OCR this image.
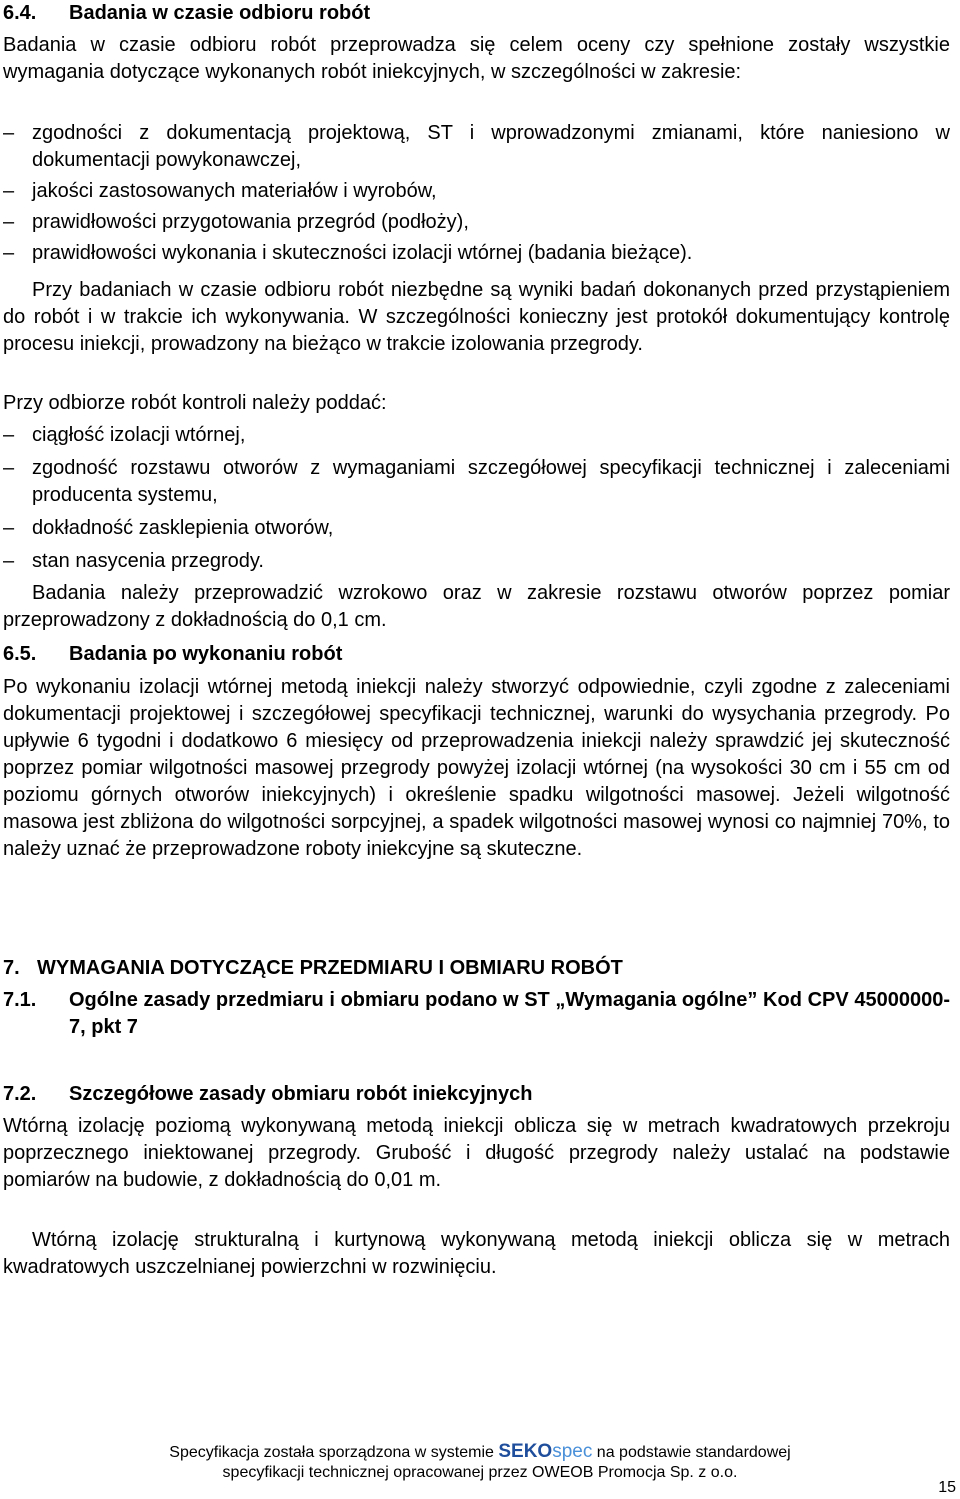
6.4. Badania w czasie odbioru robót
Badania w czasie odbioru robót przeprowadza się celem oceny czy spełnione zostały wszystkie wymagania dotyczące wykonanych robót iniekcyjnych, w szczególności w zakresie:
– zgodności z dokumentacją projektową, ST i wprowadzonymi zmianami, które naniesiono w dokumentacji powykonawczej,
– jakości zastosowanych materiałów i wyrobów,
– prawidłowości przygotowania przegród (podłoży),
– prawidłowości wykonania i skuteczności izolacji wtórnej (badania bieżące).
Przy badaniach w czasie odbioru robót niezbędne są wyniki badań dokonanych przed przystąpieniem do robót i w trakcie ich wykonywania. W szczególności konieczny jest protokół dokumentujący kontrolę procesu iniekcji, prowadzony na bieżąco w trakcie izolowania przegrody.
Przy odbiorze robót kontroli należy poddać:
– ciągłość izolacji wtórnej,
– zgodność rozstawu otworów z wymaganiami szczegółowej specyfikacji technicznej i zaleceniami producenta systemu,
– dokładność zasklepienia otworów,
– stan nasycenia przegrody.
Badania należy przeprowadzić wzrokowo oraz w zakresie rozstawu otworów poprzez pomiar przeprowadzony z dokładnością do 0,1 cm.
6.5. Badania po wykonaniu robót
Po wykonaniu izolacji wtórnej metodą iniekcji należy stworzyć odpowiednie, czyli zgodne z zaleceniami dokumentacji projektowej i szczegółowej specyfikacji technicznej, warunki do wysychania przegrody. Po upływie 6 tygodni i dodatkowo 6 miesięcy od przeprowadzenia iniekcji należy sprawdzić jej skuteczność poprzez pomiar wilgotności masowej przegrody powyżej izolacji wtórnej (na wysokości 30 cm i 55 cm od poziomu górnych otworów iniekcyjnych) i określenie spadku wilgotności masowej. Jeżeli wilgotność masowa jest zbliżona do wilgotności sorpcyjnej, a spadek wilgotności masowej wynosi co najmniej 70%, to należy uznać że przeprowadzone roboty iniekcyjne są skuteczne.
7. WYMAGANIA DOTYCZĄCE PRZEDMIARU I OBMIARU ROBÓT
7.1.	Ogólne zasady przedmiaru i obmiaru podano w ST „Wymagania ogólne” Kod CPV 45000000-7, pkt 7
7.2. Szczegółowe zasady obmiaru robót iniekcyjnych
Wtórną izolację poziomą wykonywaną metodą iniekcji oblicza się w metrach kwadratowych przekroju poprzecznego iniektowanej przegrody. Grubość i długość przegrody należy ustalać na podstawie pomiarów na budowie, z dokładnością do 0,01 m.
Wtórną izolację strukturalną i kurtynową wykonywaną metodą iniekcji oblicza się w metrach kwadratowych uszczelnianej powierzchni w rozwinięciu.
Specyfikacja została sporządzona w systemie SEKOspec na podstawie standardowej
specyfikacji technicznej opracowanej przez OWEOB Promocja Sp. z o.o.
15
